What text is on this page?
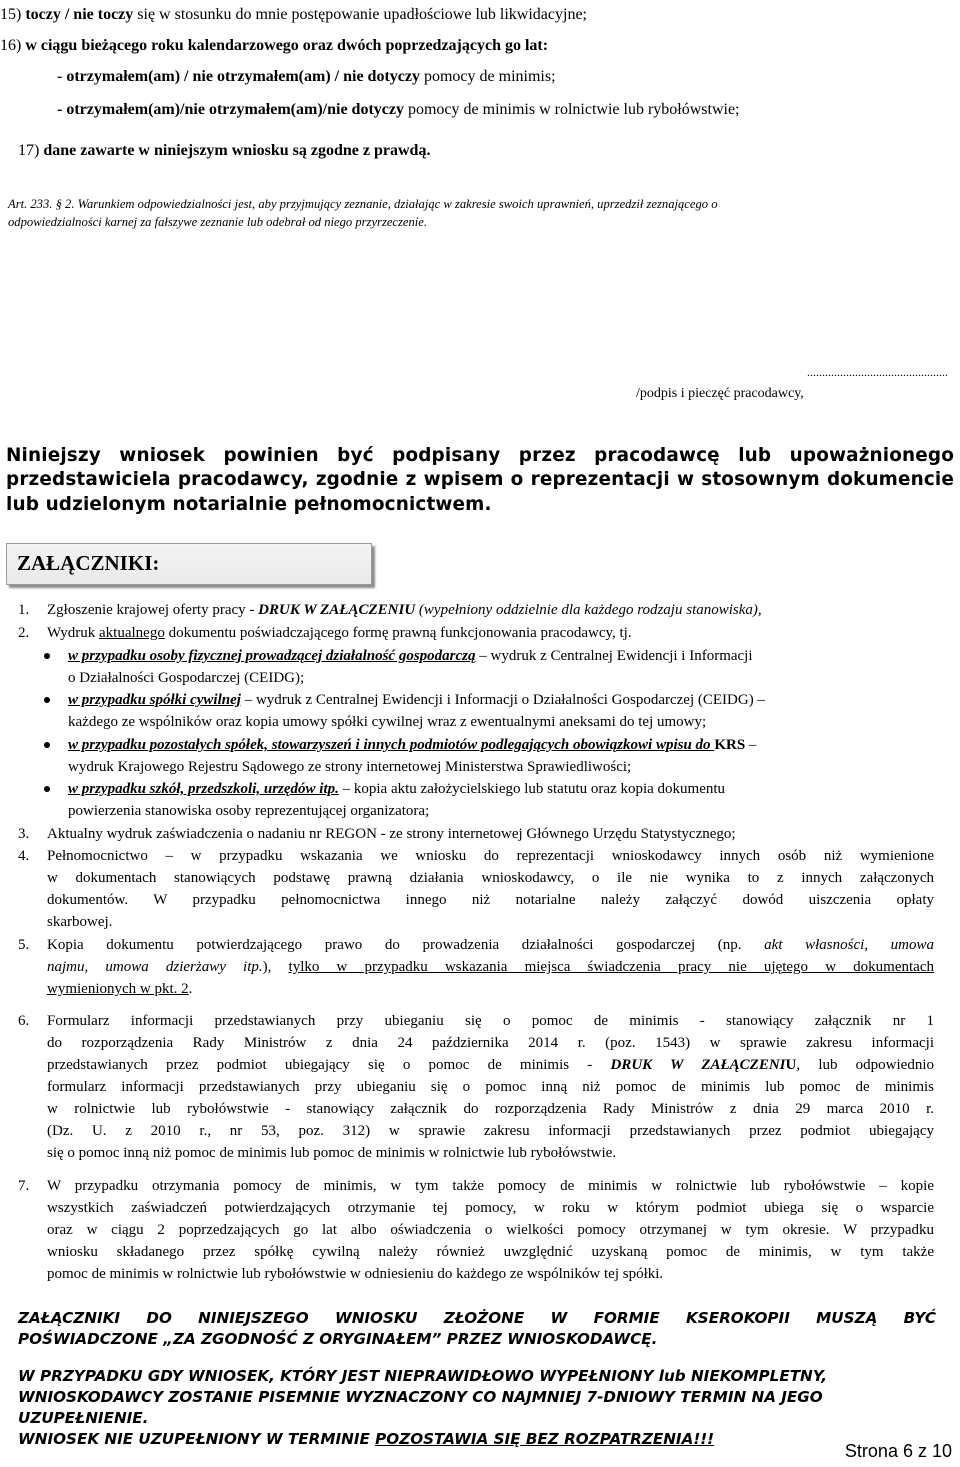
15) toczy / nie toczy się w stosunku do mnie postępowanie upadłościowe lub likwidacyjne;
16) w ciągu bieżącego roku kalendarzowego oraz dwóch poprzedzających go lat:
- otrzymałem(am) / nie otrzymałem(am) / nie dotyczy pomocy de minimis;
- otrzymałem(am)/nie otrzymałem(am)/nie dotyczy pomocy de minimis w rolnictwie lub rybołówstwie;
17) dane zawarte w niniejszym wniosku są zgodne z prawdą.
Art. 233. § 2. Warunkiem odpowiedzialności jest, aby przyjmujący zeznanie, działając w zakresie swoich uprawnień, uprzedził zeznającego o
odpowiedzialności karnej za fałszywe zeznanie lub odebrał od niego przyrzeczenie.
...............................................
/podpis i pieczęć pracodawcy,
Niniejszy wniosek powinien być podpisany przez pracodawcę lub upoważnionego
przedstawiciela pracodawcy, zgodnie z wpisem o reprezentacji w stosownym dokumencie
lub udzielonym notarialnie pełnomocnictwem.
ZAŁĄCZNIKI:
1. Zgłoszenie krajowej oferty pracy - DRUK W ZAŁĄCZENIU (wypełniony oddzielnie dla każdego rodzaju stanowiska),
2. Wydruk aktualnego dokumentu poświadczającego formę prawną funkcjonowania pracodawcy, tj.
w przypadku osoby fizycznej prowadzącej działalność gospodarczą – wydruk z Centralnej Ewidencji i Informacji
o Działalności Gospodarczej (CEIDG);
w przypadku spółki cywilnej – wydruk z Centralnej Ewidencji i Informacji o Działalności Gospodarczej (CEIDG) –
każdego ze wspólników oraz kopia umowy spółki cywilnej wraz z ewentualnymi aneksami do tej umowy;
w przypadku pozostałych spółek, stowarzyszeń i innych podmiotów podlegających obowiązkowi wpisu do KRS –
wydruk Krajowego Rejestru Sądowego ze strony internetowej Ministerstwa Sprawiedliwości;
w przypadku szkół, przedszkoli, urzędów itp. – kopia aktu założycielskiego lub statutu oraz kopia dokumentu
powierzenia stanowiska osoby reprezentującej organizatora;
3. Aktualny wydruk zaświadczenia o nadaniu nr REGON - ze strony internetowej Głównego Urzędu Statystycznego;
4. Pełnomocnictwo – w przypadku wskazania we wniosku do reprezentacji wnioskodawcy innych osób niż wymienione
w dokumentach stanowiących podstawę prawną działania wnioskodawcy, o ile nie wynika to z innych załączonych
dokumentów. W przypadku pełnomocnictwa innego niż notarialne należy załączyć dowód uiszczenia opłaty
skarbowej.
5. Kopia dokumentu potwierdzającego prawo do prowadzenia działalności gospodarczej (np. akt własności, umowa
najmu, umowa dzierżawy itp.), tylko w przypadku wskazania miejsca świadczenia pracy nie ujętego w dokumentach
wymienionych w pkt. 2.
6. Formularz informacji przedstawianych przy ubieganiu się o pomoc de minimis - stanowiący załącznik nr 1
do rozporządzenia Rady Ministrów z dnia 24 października 2014 r. (poz. 1543) w sprawie zakresu informacji
przedstawianych przez podmiot ubiegający się o pomoc de minimis - DRUK W ZAŁĄCZENIU, lub odpowiednio
formularz informacji przedstawianych przy ubieganiu się o pomoc inną niż pomoc de minimis lub pomoc de minimis
w rolnictwie lub rybołówstwie - stanowiący załącznik do rozporządzenia Rady Ministrów z dnia 29 marca 2010 r.
(Dz. U. z 2010 r., nr 53, poz. 312) w sprawie zakresu informacji przedstawianych przez podmiot ubiegający
się o pomoc inną niż pomoc de minimis lub pomoc de minimis w rolnictwie lub rybołówstwie.
7. W przypadku otrzymania pomocy de minimis, w tym także pomocy de minimis w rolnictwie lub rybołówstwie – kopie
wszystkich zaświadczeń potwierdzających otrzymanie tej pomocy, w roku w którym podmiot ubiega się o wsparcie
oraz w ciągu 2 poprzedzających go lat albo oświadczenia o wielkości pomocy otrzymanej w tym okresie. W przypadku
wniosku składanego przez spółkę cywilną należy również uwzględnić uzyskaną pomoc de minimis, w tym także
pomoc de minimis w rolnictwie lub rybołówstwie w odniesieniu do każdego ze wspólników tej spółki.
ZAŁĄCZNIKI DO NINIEJSZEGO WNIOSKU ZŁOŻONE W FORMIE KSEROKOPII MUSZĄ BYĆ
POŚWIADCZONE „ZA ZGODNOŚĆ Z ORYGINAŁEM” PRZEZ WNIOSKODAWCĘ.
W PRZYPADKU GDY WNIOSEK, KTÓRY JEST NIEPRAWIDŁOWO WYPEŁNIONY lub NIEKOMPLETNY,
WNIOSKODAWCY ZOSTANIE PISEMNIE WYZNACZONY CO NAJMNIEJ 7-DNIOWY TERMIN NA JEGO
UZUPEŁNIENIE.
WNIOSEK NIE UZUPEŁNIONY W TERMINIE POZOSTAWIA SIĘ BEZ ROZPATRZENIA!!!
Strona 6 z 10
